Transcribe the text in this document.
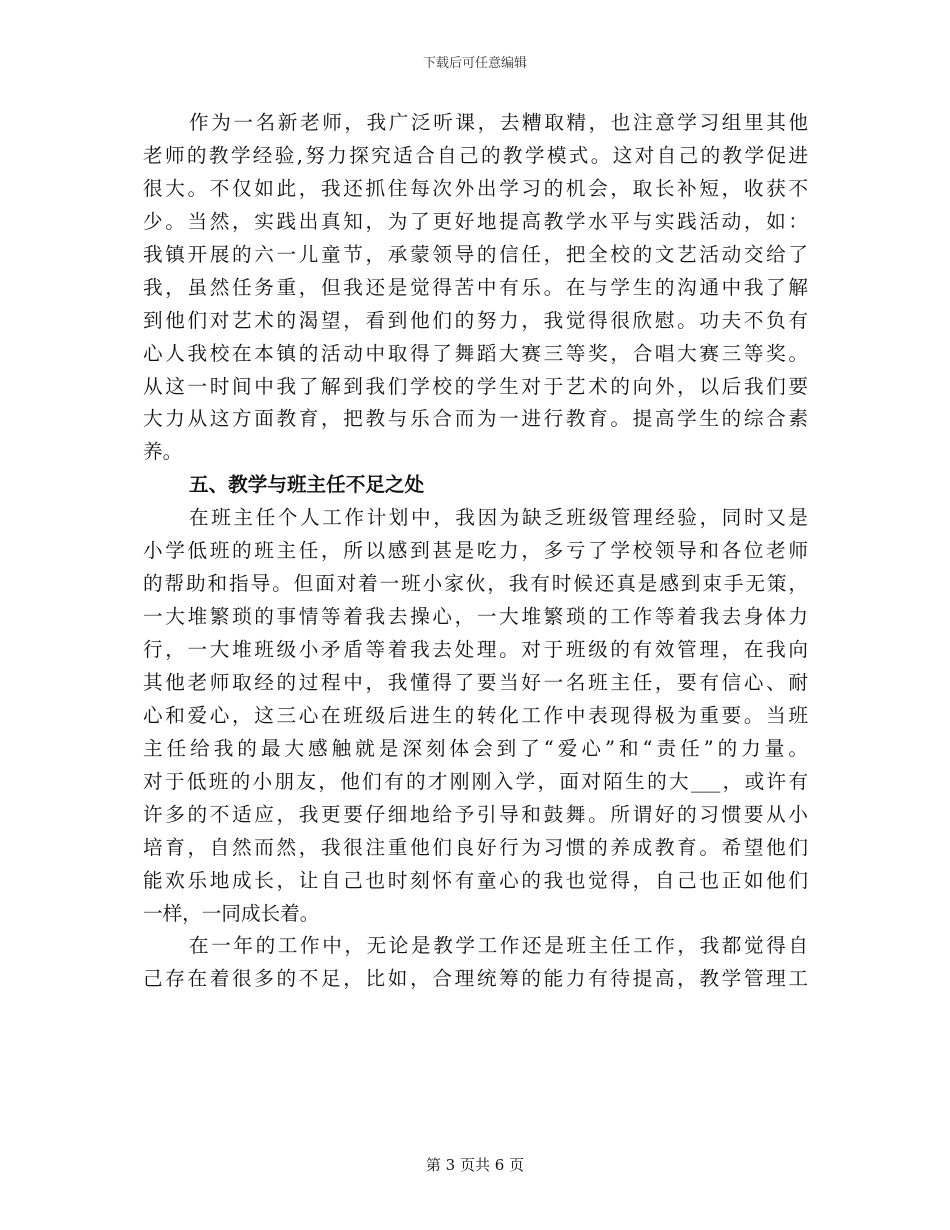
下载后可任意编辑
作为一名新老师，我广泛听课，去糟取精，也注意学习组里其他
老师的教学经验,努力探究适合自己的教学模式。这对自己的教学促进
很大。不仅如此，我还抓住每次外出学习的机会，取长补短，收获不
少。当然，实践出真知，为了更好地提高教学水平与实践活动，如：
我镇开展的六一儿童节，承蒙领导的信任，把全校的文艺活动交给了
我，虽然任务重，但我还是觉得苦中有乐。在与学生的沟通中我了解
到他们对艺术的渴望，看到他们的努力，我觉得很欣慰。功夫不负有
心人我校在本镇的活动中取得了舞蹈大赛三等奖，合唱大赛三等奖。
从这一时间中我了解到我们学校的学生对于艺术的向外，以后我们要
大力从这方面教育，把教与乐合而为一进行教育。提高学生的综合素
养。
五、教学与班主任不足之处
在班主任个人工作计划中，我因为缺乏班级管理经验，同时又是
小学低班的班主任，所以感到甚是吃力，多亏了学校领导和各位老师
的帮助和指导。但面对着一班小家伙，我有时候还真是感到束手无策，
一大堆繁琐的事情等着我去操心，一大堆繁琐的工作等着我去身体力
行，一大堆班级小矛盾等着我去处理。对于班级的有效管理，在我向
其他老师取经的过程中，我懂得了要当好一名班主任，要有信心、耐
心和爱心，这三心在班级后进生的转化工作中表现得极为重要。当班
主任给我的最大感触就是深刻体会到了“爱心”和“责任”的力量。
对于低班的小朋友，他们有的才刚刚入学，面对陌生的大___，或许有
许多的不适应，我更要仔细地给予引导和鼓舞。所谓好的习惯要从小
培育，自然而然，我很注重他们良好行为习惯的养成教育。希望他们
能欢乐地成长，让自己也时刻怀有童心的我也觉得，自己也正如他们
一样，一同成长着。
在一年的工作中，无论是教学工作还是班主任工作，我都觉得自
己存在着很多的不足，比如，合理统筹的能力有待提高，教学管理工
第 3 页共 6 页
